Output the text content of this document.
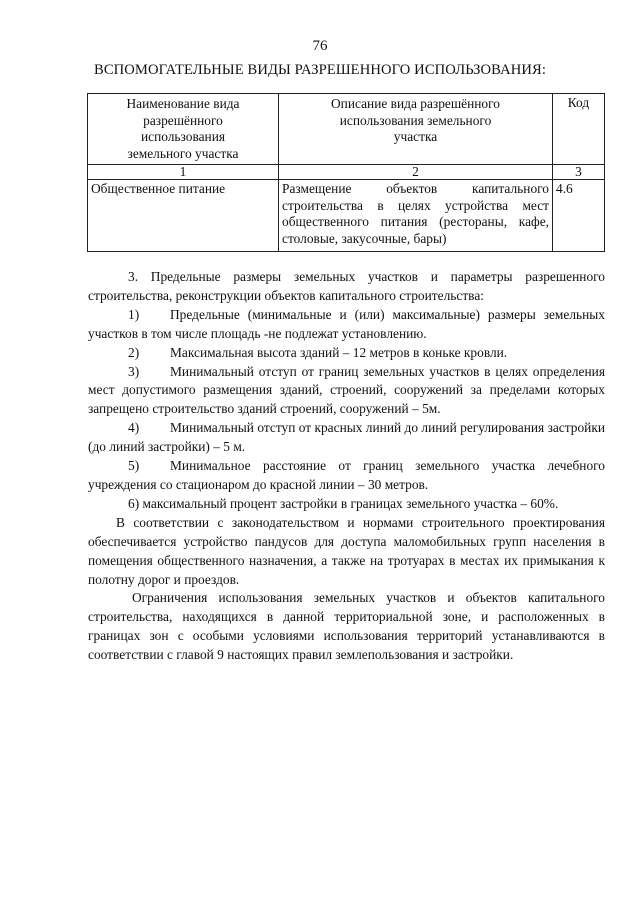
76
ВСПОМОГАТЕЛЬНЫЕ ВИДЫ РАЗРЕШЕННОГО ИСПОЛЬЗОВАНИЯ:
Наименование вида разрешённого использования земельного участка	Описание вида разрешённого использования земельного участка	Код
1	2	3
Общественное питание	Размещение объектов капитального строительства в целях устройства мест общественного питания (рестораны, кафе, столовые, закусочные, бары)	4.6

3. Предельные размеры земельных участков и параметры разрешенного строительства, реконструкции объектов капитального строительства:

1) Предельные (минимальные и (или) максимальные) размеры земельных участков в том числе площадь -не подлежат установлению.

2) Максимальная высота зданий – 12 метров в коньке кровли.

3) Минимальный отступ от границ земельных участков в целях определения мест допустимого размещения зданий, строений, сооружений за пределами которых запрещено строительство зданий строений, сооружений – 5м.

4) Минимальный отступ от красных линий до линий регулирования застройки (до линий застройки) – 5 м.

5) Минимальное расстояние от границ земельного участка лечебного учреждения со стационаром до красной линии – 30 метров.

6) максимальный процент застройки в границах земельного участка – 60%.

В соответствии с законодательством и нормами строительного проектирования обеспечивается устройство пандусов для доступа маломобильных групп населения в помещения общественного назначения, а также на тротуарах в местах их примыкания к полотну дорог и проездов.

Ограничения использования земельных участков и объектов капитального строительства, находящихся в данной территориальной зоне, и расположенных в границах зон с особыми условиями использования территорий устанавливаются в соответствии с главой 9 настоящих правил землепользования и застройки.
